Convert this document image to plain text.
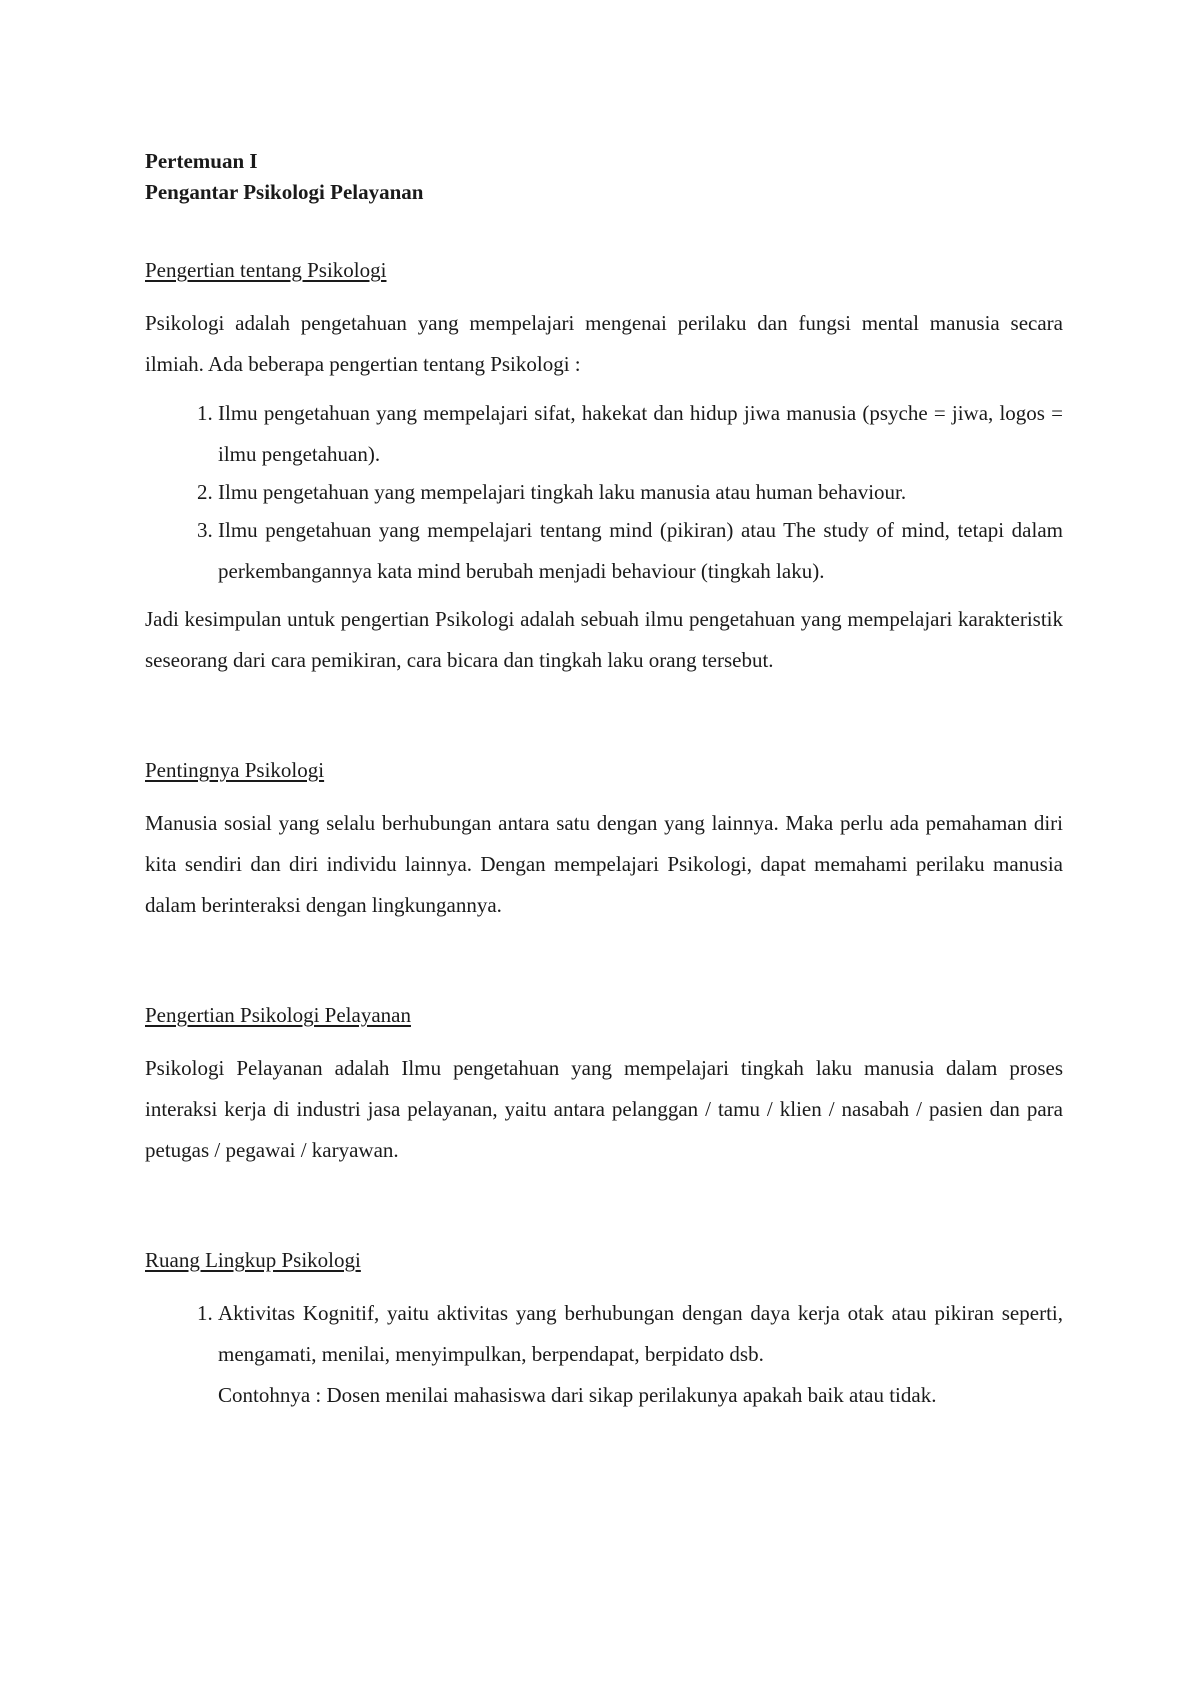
Pertemuan I

Pengantar Psikologi Pelayanan

Pengertian tentang Psikologi

Psikologi adalah pengetahuan yang mempelajari mengenai perilaku dan fungsi mental manusia secara ilmiah. Ada beberapa pengertian tentang Psikologi :

1. Ilmu pengetahuan yang mempelajari sifat, hakekat dan hidup jiwa manusia (psyche = jiwa, logos = ilmu pengetahuan).
2. Ilmu pengetahuan yang mempelajari tingkah laku manusia atau human behaviour.
3. Ilmu pengetahuan yang mempelajari tentang mind (pikiran) atau The study of mind, tetapi dalam perkembangannya kata mind berubah menjadi behaviour (tingkah laku).

Jadi kesimpulan untuk pengertian Psikologi adalah sebuah ilmu pengetahuan yang mempelajari karakteristik seseorang dari cara pemikiran, cara bicara dan tingkah laku orang tersebut.

Pentingnya Psikologi

Manusia sosial yang selalu berhubungan antara satu dengan yang lainnya. Maka perlu ada pemahaman diri kita sendiri dan diri individu lainnya. Dengan mempelajari Psikologi, dapat memahami perilaku manusia dalam berinteraksi dengan lingkungannya.

Pengertian Psikologi Pelayanan

Psikologi Pelayanan adalah Ilmu pengetahuan yang mempelajari tingkah laku manusia dalam proses interaksi kerja di industri jasa pelayanan, yaitu antara pelanggan / tamu / klien / nasabah / pasien dan para petugas / pegawai / karyawan.

Ruang Lingkup Psikologi

1. Aktivitas Kognitif, yaitu aktivitas yang berhubungan dengan daya kerja otak atau pikiran seperti, mengamati, menilai, menyimpulkan, berpendapat, berpidato dsb.
Contohnya : Dosen menilai mahasiswa dari sikap perilakunya apakah baik atau tidak.
